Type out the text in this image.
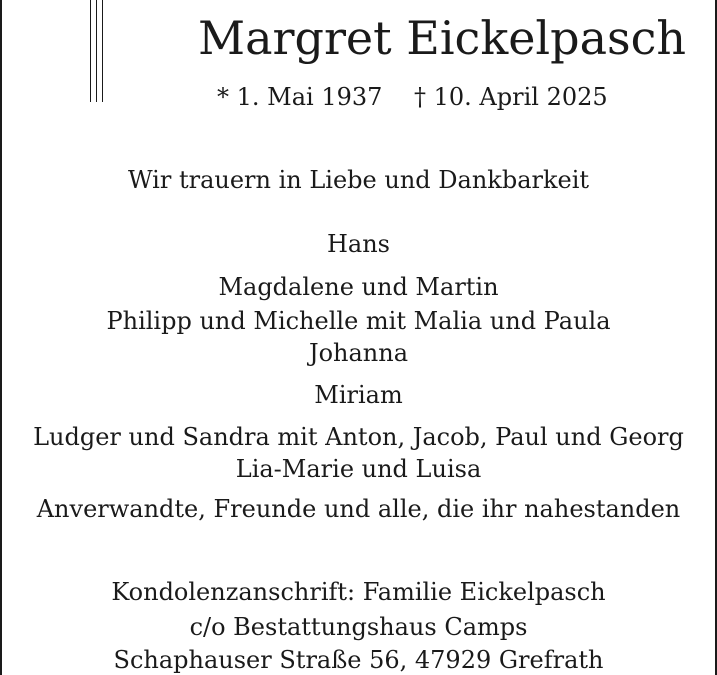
Margret Eickelpasch
* 1. Mai 1937 † 10. April 2025
Wir trauern in Liebe und Dankbarkeit
Hans
Magdalene und Martin
Philipp und Michelle mit Malia und Paula
Johanna
Miriam
Ludger und Sandra mit Anton, Jacob, Paul und Georg
Lia-Marie und Luisa
Anverwandte, Freunde und alle, die ihr nahestanden
Kondolenzanschrift: Familie Eickelpasch
c/o Bestattungshaus Camps
Schaphauser Straße 56, 47929 Grefrath
